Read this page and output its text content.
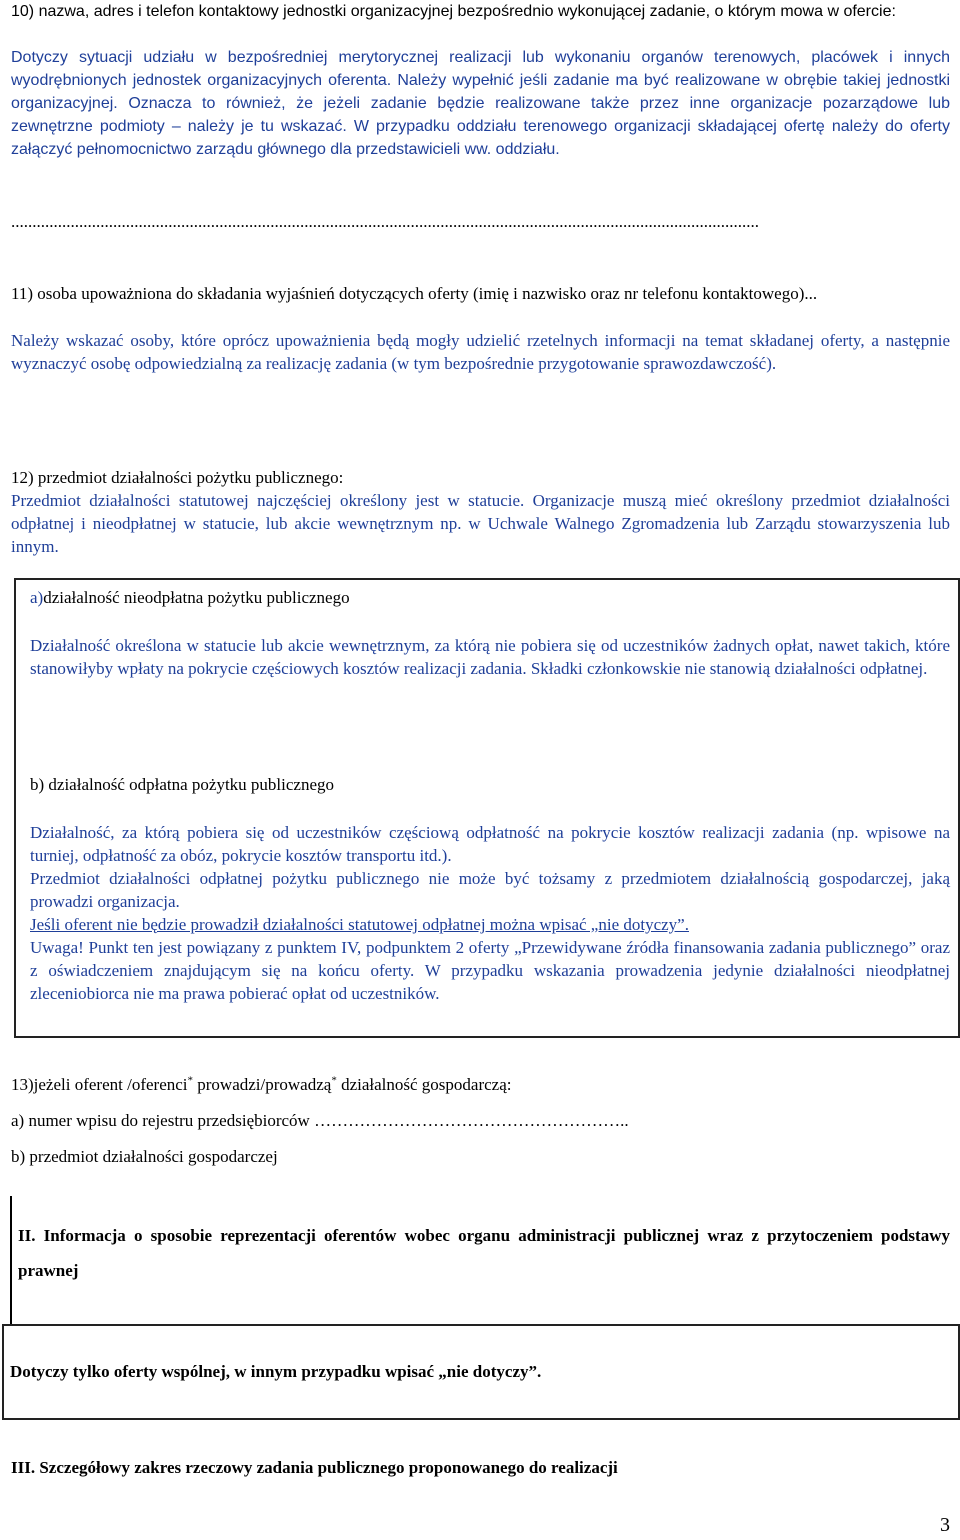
10) nazwa, adres i telefon kontaktowy jednostki organizacyjnej bezpośrednio wykonującej zadanie, o którym mowa w ofercie:

Dotyczy sytuacji udziału w bezpośredniej merytorycznej realizacji lub wykonaniu organów terenowych, placówek i innych wyodrębnionych jednostek organizacyjnych oferenta. Należy wypełnić jeśli zadanie ma być realizowane w obrębie takiej jednostki organizacyjnej. Oznacza to również, że jeżeli zadanie będzie realizowane także przez inne organizacje pozarządowe lub zewnętrzne podmioty – należy je tu wskazać. W przypadku oddziału terenowego organizacji składającej ofertę należy do oferty załączyć pełnomocnictwo zarządu głównego dla przedstawicieli ww. oddziału.

................................................................................................................................................................................

11) osoba upoważniona do składania wyjaśnień dotyczących oferty (imię i nazwisko oraz nr telefonu kontaktowego)...

Należy wskazać osoby, które oprócz upoważnienia będą mogły udzielić rzetelnych informacji na temat składanej oferty, a następnie wyznaczyć osobę odpowiedzialną za realizację zadania (w tym bezpośrednie przygotowanie sprawozdawczość).

12) przedmiot działalności pożytku publicznego:

Przedmiot działalności statutowej najczęściej określony jest w statucie. Organizacje muszą mieć określony przedmiot działalności odpłatnej i nieodpłatnej w statucie, lub akcie wewnętrznym np. w Uchwale Walnego Zgromadzenia lub Zarządu stowarzyszenia lub innym.

a)działalność nieodpłatna pożytku publicznego

Działalność określona w statucie lub akcie wewnętrznym, za którą nie pobiera się od uczestników żadnych opłat, nawet takich, które stanowiłyby wpłaty na pokrycie częściowych kosztów realizacji zadania. Składki członkowskie nie stanowią działalności odpłatnej.

b) działalność odpłatna pożytku publicznego

Działalność, za którą pobiera się od uczestników częściową odpłatność na pokrycie kosztów realizacji zadania (np. wpisowe na turniej, odpłatność za obóz, pokrycie kosztów transportu itd.).

Przedmiot działalności odpłatnej pożytku publicznego nie może być tożsamy z przedmiotem działalnością gospodarczej, jaką prowadzi organizacja.

Jeśli oferent nie będzie prowadził działalności statutowej odpłatnej można wpisać „nie dotyczy”.

Uwaga! Punkt ten jest powiązany z punktem IV, podpunktem 2 oferty „Przewidywane źródła finansowania zadania publicznego” oraz z oświadczeniem znajdującym się na końcu oferty. W przypadku wskazania prowadzenia jedynie działalności nieodpłatnej zleceniobiorca nie ma prawa pobierać opłat od uczestników.

13)jeżeli oferent /oferenci* prowadzi/prowadzą* działalność gospodarczą:

a) numer wpisu do rejestru przedsiębiorców ………………………………………………..

b) przedmiot działalności gospodarczej

II. Informacja o sposobie reprezentacji oferentów wobec organu administracji publicznej wraz z przytoczeniem podstawy prawnej

Dotyczy tylko oferty wspólnej, w innym przypadku wpisać „nie dotyczy”.

III. Szczegółowy zakres rzeczowy zadania publicznego proponowanego do realizacji

3
